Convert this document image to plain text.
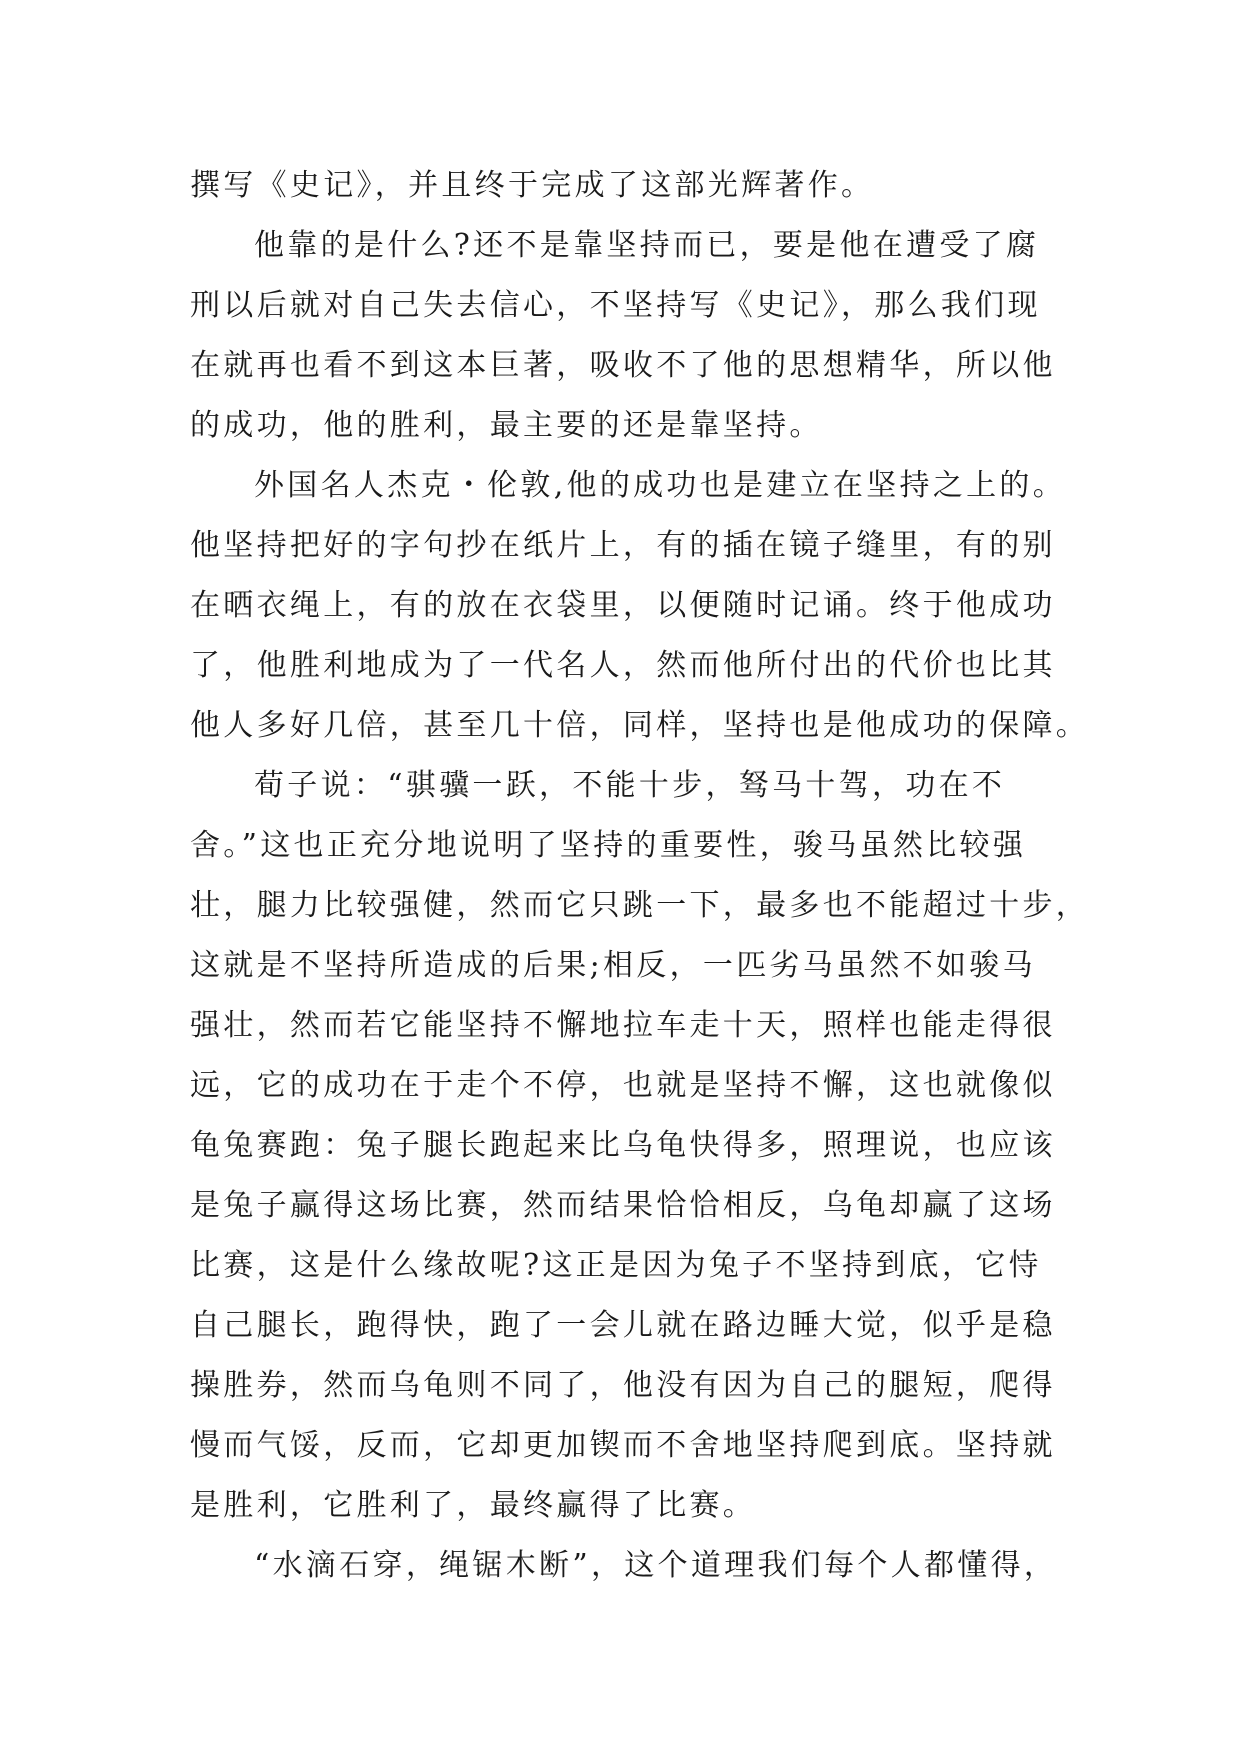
撰写《史记》，并且终于完成了这部光辉著作。
他靠的是什么?还不是靠坚持而已，要是他在遭受了腐
刑以后就对自己失去信心，不坚持写《史记》，那么我们现
在就再也看不到这本巨著，吸收不了他的思想精华，所以他
的成功，他的胜利，最主要的还是靠坚持。
外国名人杰克・伦敦,他的成功也是建立在坚持之上的。
他坚持把好的字句抄在纸片上，有的插在镜子缝里，有的别
在晒衣绳上，有的放在衣袋里，以便随时记诵。终于他成功
了，他胜利地成为了一代名人，然而他所付出的代价也比其
他人多好几倍，甚至几十倍，同样，坚持也是他成功的保障。
荀子说：“骐骥一跃，不能十步，驽马十驾，功在不
舍。”这也正充分地说明了坚持的重要性，骏马虽然比较强
壮，腿力比较强健，然而它只跳一下，最多也不能超过十步，
这就是不坚持所造成的后果;相反，一匹劣马虽然不如骏马
强壮，然而若它能坚持不懈地拉车走十天，照样也能走得很
远，它的成功在于走个不停，也就是坚持不懈，这也就像似
龟兔赛跑：兔子腿长跑起来比乌龟快得多，照理说，也应该
是兔子赢得这场比赛，然而结果恰恰相反，乌龟却赢了这场
比赛，这是什么缘故呢?这正是因为兔子不坚持到底，它恃
自己腿长，跑得快，跑了一会儿就在路边睡大觉，似乎是稳
操胜券，然而乌龟则不同了，他没有因为自己的腿短，爬得
慢而气馁，反而，它却更加锲而不舍地坚持爬到底。坚持就
是胜利，它胜利了，最终赢得了比赛。
“水滴石穿，绳锯木断”，这个道理我们每个人都懂得，
